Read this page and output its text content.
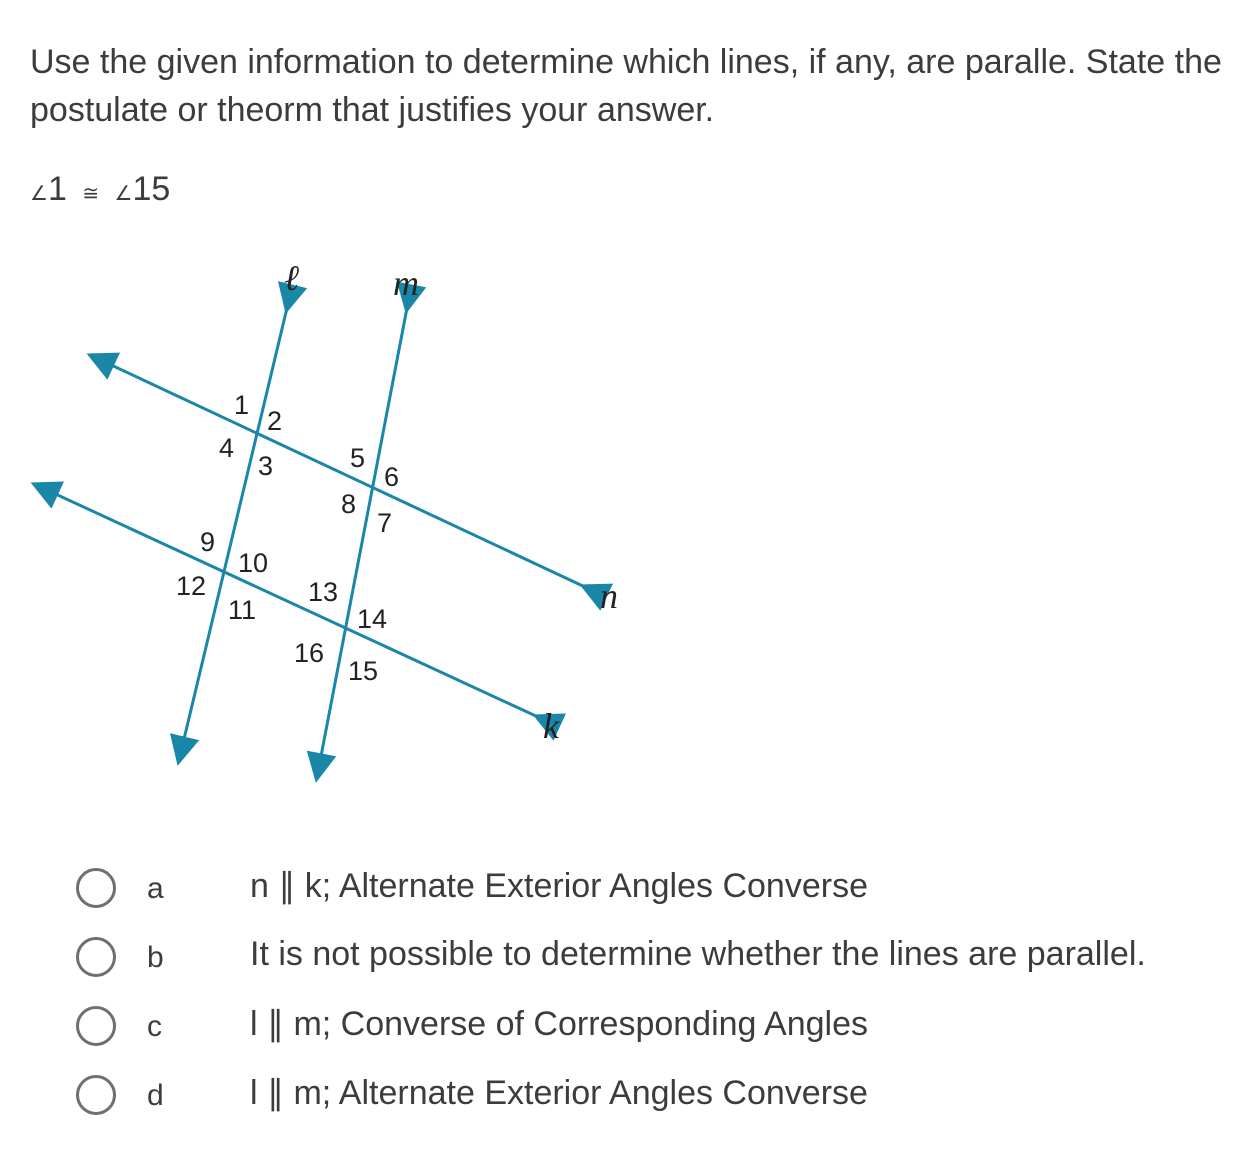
Use the given information to determine which lines, if any, are paralle. State the postulate or theorm that justifies your answer.
∠1 ≅ ∠15
ℓ	m
n
k
1
2
3
4	5
6
7
8
9
10
11
12	13
14
15
16
a	n ∥ k; Alternate Exterior Angles Converse
b	It is not possible to determine whether the lines are parallel.
c	l ∥ m; Converse of Corresponding Angles
d	l ∥ m; Alternate Exterior Angles Converse
